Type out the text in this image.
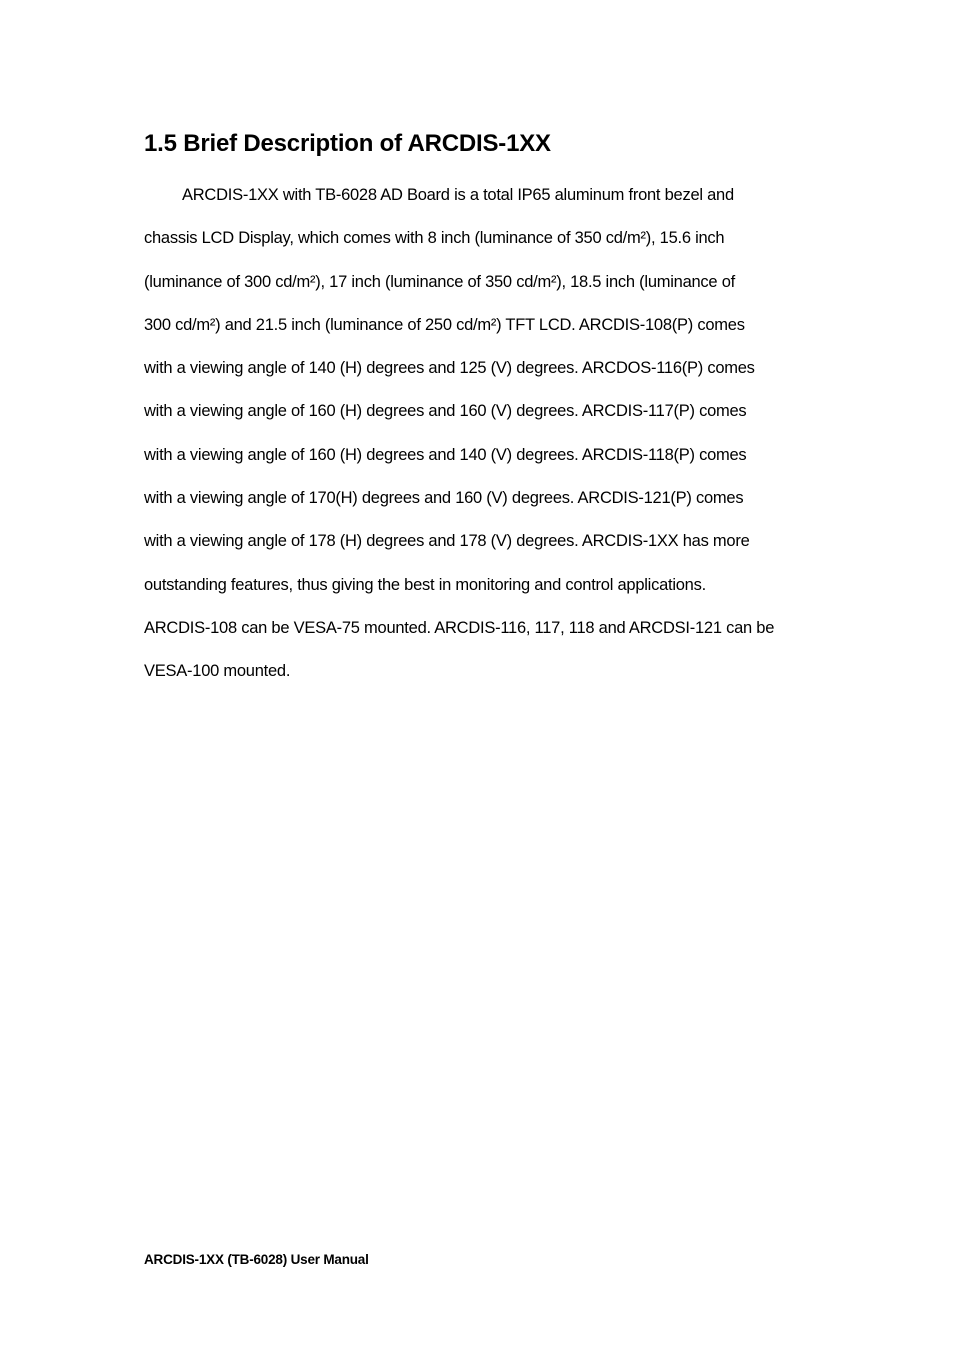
1.5 Brief Description of ARCDIS-1XX
ARCDIS-1XX with TB-6028 AD Board is a total IP65 aluminum front bezel and
chassis LCD Display, which comes with 8 inch (luminance of 350 cd/m²), 15.6 inch
(luminance of 300 cd/m²), 17 inch (luminance of 350 cd/m²), 18.5 inch (luminance of
300 cd/m²) and 21.5 inch (luminance of 250 cd/m²) TFT LCD. ARCDIS-108(P) comes
with a viewing angle of 140 (H) degrees and 125 (V) degrees. ARCDOS-116(P) comes
with a viewing angle of 160 (H) degrees and 160 (V) degrees. ARCDIS-117(P) comes
with a viewing angle of 160 (H) degrees and 140 (V) degrees. ARCDIS-118(P) comes
with a viewing angle of 170(H) degrees and 160 (V) degrees. ARCDIS-121(P) comes
with a viewing angle of 178 (H) degrees and 178 (V) degrees. ARCDIS-1XX has more
outstanding features, thus giving the best in monitoring and control applications.
ARCDIS-108 can be VESA-75 mounted. ARCDIS-116, 117, 118 and ARCDSI-121 can be
VESA-100 mounted.
ARCDIS-1XX (TB-6028) User Manual
